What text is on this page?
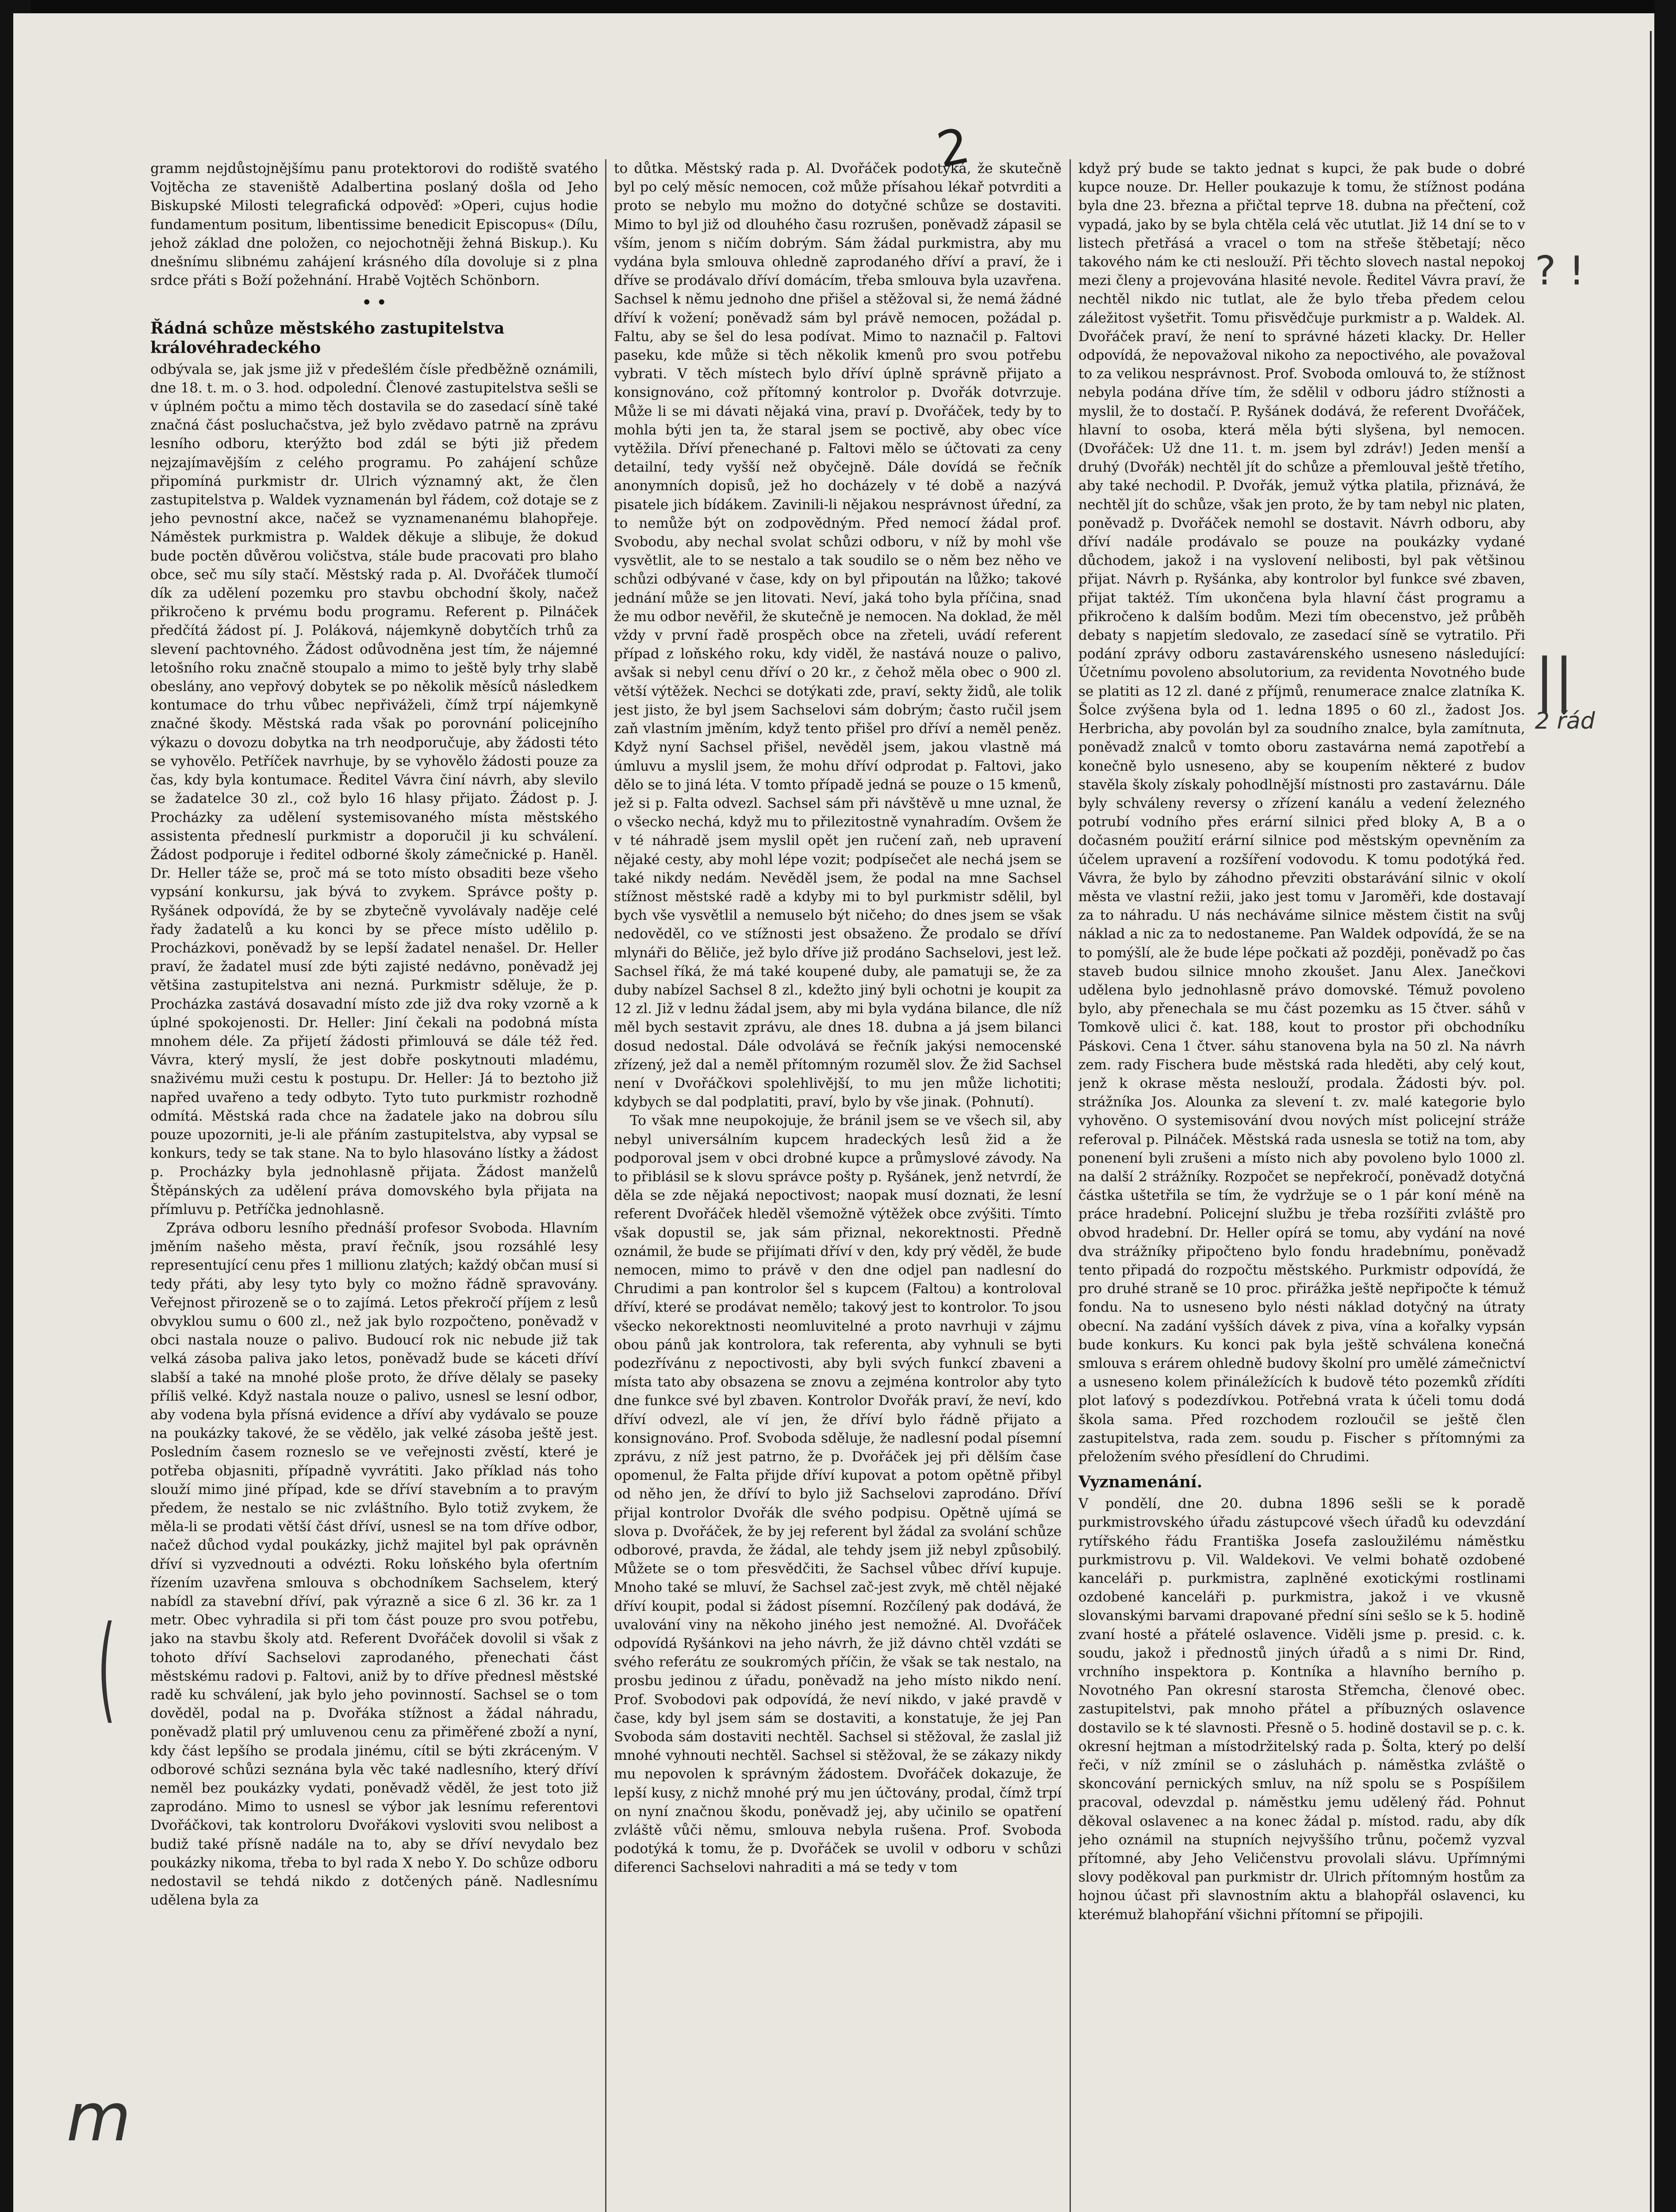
2

gramm nejdůstojnějšímu panu protektorovi do rodiště svatého Vojtěcha ze staveniště Adalbertina poslaný došla od Jeho Biskupské Milosti telegrafická odpověď: »Operi, cujus hodie fundamentum positum, libentissime benedicit Episcopus« (Dílu, jehož základ dne položen, co nejochotněji žehná Biskup.). Ku dnešnímu slibnému zahájení krásného díla dovoluje si z plna srdce přáti s Boží požehnání. Hrabě Vojtěch Schönborn.

• •
Řádná schůze městského zastupitelstva královéhradeckého

odbývala se, jak jsme již v předešlém čísle předběžně oznámili, dne 18. t. m. o 3. hod. odpolední. Členové zastupitelstva sešli se v úplném počtu a mimo těch dostavila se do zasedací síně také značná část posluchačstva, jež bylo zvědavo patrně na zprávu lesního odboru, kterýžto bod zdál se býti již předem nejzajímavějším z celého programu. Po zahájení schůze připomíná purkmistr dr. Ulrich významný akt, že člen zastupitelstva p. Waldek vyznamenán byl řádem, což dotaje se z jeho pevnostní akce, načež se vyznamenanému blahopřeje. Náměstek purkmistra p. Waldek děkuje a slibuje, že dokud bude poctěn důvěrou voličstva, stále bude pracovati pro blaho obce, seč mu síly stačí. Městský rada p. Al. Dvořáček tlumočí dík za udělení pozemku pro stavbu obchodní školy, načež přikročeno k prvému bodu programu. Referent p. Pilnáček předčítá žádost pí. J. Poláková, nájemkyně dobytčích trhů za slevení pachtovného. Žádost odůvodněna jest tím, že nájemné letošního roku značně stoupalo a mimo to ještě byly trhy slabě obeslány, ano vepřový dobytek se po několik měsíců následkem kontumace do trhu vůbec nepřiváželi, čímž trpí nájemkyně značné škody. Městská rada však po porovnání policejního výkazu o dovozu dobytka na trh neodporučuje, aby žádosti této se vyhovělo. Petříček navrhuje, by se vyhovělo žádosti pouze za čas, kdy byla kontumace. Ředitel Vávra činí návrh, aby slevilo se žadatelce 30 zl., což bylo 16 hlasy přijato. Žádost p. J. Procházky za udělení systemisovaného místa městského assistenta předneslí purkmistr a doporučil ji ku schválení. Žádost podporuje i ředitel odborné školy zámečnické p. Haněl. Dr. Heller táže se, proč má se toto místo obsaditi beze všeho vypsání konkursu, jak bývá to zvykem. Správce pošty p. Ryšánek odpovídá, že by se zbytečně vyvolávaly naděje celé řady žadatelů a ku konci by se přece místo udělilo p. Procházkovi, poněvadž by se lepší žadatel nenašel. Dr. Heller praví, že žadatel musí zde býti zajisté nedávno, poněvadž jej většina zastupitelstva ani nezná. Purkmistr sděluje, že p. Procházka zastává dosavadní místo zde již dva roky vzorně a k úplné spokojenosti. Dr. Heller: Jiní čekali na podobná místa mnohem déle. Za přijetí žádosti přimlouvá se dále též řed. Vávra, který myslí, že jest dobře poskytnouti mladému, snaživému muži cestu k postupu. Dr. Heller: Já to beztoho již napřed uvařeno a tedy odbyto. Tyto tuto purkmistr rozhodně odmítá. Městská rada chce na žadatele jako na dobrou sílu pouze upozorniti, je-li ale přáním zastupitelstva, aby vypsal se konkurs, tedy se tak stane. Na to bylo hlasováno lístky a žádost p. Procházky byla jednohlasně přijata. Žádost manželů Štěpánských za udělení práva domovského byla přijata na přímluvu p. Petříčka jednohlasně.

Zpráva odboru lesního přednáší profesor Svoboda. Hlavním jměním našeho města, praví řečník, jsou rozsáhlé lesy representující cenu přes 1 millionu zlatých; každý občan musí si tedy přáti, aby lesy tyto byly co možno řádně spravovány. Veřejnost přirozeně se o to zajímá. Letos překročí příjem z lesů obvyklou sumu o 600 zl., než jak bylo rozpočteno, poněvadž v obci nastala nouze o palivo. Budoucí rok nic nebude již tak velká zásoba paliva jako letos, poněvadž bude se káceti dříví slabší a také na mnohé ploše proto, že dříve dělaly se paseky příliš velké. Když nastala nouze o palivo, usnesl se lesní odbor, aby vodena byla přísná evidence a dříví aby vydávalo se pouze na poukázky takové, že se vědělo, jak velké zásoba ještě jest. Posledním časem rozneslo se ve veřejnosti zvěstí, které je potřeba objasniti, případně vyvrátiti. Jako příklad nás toho slouží mimo jiné případ, kde se dříví stavebním a to pravým předem, že nestalo se nic zvláštního. Bylo totiž zvykem, že měla-li se prodati větší část dříví, usnesl se na tom dříve odbor, načež důchod vydal poukázky, jichž majitel byl pak oprávněn dříví si vyzvednouti a odvézti. Roku loňského byla ofertním řízením uzavřena smlouva s obchodníkem Sachselem, který nabídl za stavební dříví, pak výrazně a sice 6 zl. 36 kr. za 1 metr. Obec vyhradila si při tom část pouze pro svou potřebu, jako na stavbu školy atd. Referent Dvořáček dovolil si však z tohoto dříví Sachselovi zaprodaného, přenechati část městskému radovi p. Faltovi, aniž by to dříve přednesl městské radě ku schválení, jak bylo jeho povinností. Sachsel se o tom dověděl, podal na p. Dvořáka stížnost a žádal náhradu, poněvadž platil prý umluvenou cenu za přiměřené zboží a nyní, kdy část lepšího se prodala jinému, cítil se býti zkráceným. V odborové schůzi seznána byla věc také nadlesního, který dříví neměl bez poukázky vydati, poněvadž věděl, že jest toto již zaprodáno. Mimo to usnesl se výbor jak lesnímu referentovi Dvořáčkovi, tak kontroloru Dvořákovi vysloviti svou nelibost a budiž také přísně nadále na to, aby se dříví nevydalo bez poukázky nikoma, třeba to byl rada X nebo Y. Do schůze odboru nedostavil se tehdá nikdo z dotčených páně. Nadlesnímu udělena byla za

to důtka. Městský rada p. Al. Dvořáček podotýká, že skutečně byl po celý měsíc nemocen, což může přísahou lékař potvrditi a proto se nebylo mu možno do dotyčné schůze se dostaviti. Mimo to byl již od dlouhého času rozrušen, poněvadž zápasil se vším, jenom s ničím dobrým. Sám žádal purkmistra, aby mu vydána byla smlouva ohledně zaprodaného dříví a praví, že i dříve se prodávalo dříví domácím, třeba smlouva byla uzavřena. Sachsel k němu jednoho dne přišel a stěžoval si, že nemá žádné dříví k vožení; poněvadž sám byl právě nemocen, požádal p. Faltu, aby se šel do lesa podívat. Mimo to naznačil p. Faltovi paseku, kde může si těch několik kmenů pro svou potřebu vybrati. V těch místech bylo dříví úplně správně přijato a konsignováno, což přítomný kontrolor p. Dvořák dotvrzuje. Může li se mi dávati nějaká vina, praví p. Dvořáček, tedy by to mohla býti jen ta, že staral jsem se poctivě, aby obec více vytěžila. Dříví přenechané p. Faltovi mělo se účtovati za ceny detailní, tedy vyšší než obyčejně. Dále dovídá se řečník anonymních dopisů, jež ho docházely v té době a nazývá pisatele jich bídákem. Zavinili-li nějakou nesprávnost úřední, za to nemůže být on zodpovědným. Před nemocí žádal prof. Svobodu, aby nechal svolat schůzi odboru, v níž by mohl vše vysvětlit, ale to se nestalo a tak soudilo se o něm bez něho ve schůzi odbývané v čase, kdy on byl připoután na lůžko; takové jednání může se jen litovati. Neví, jaká toho byla příčina, snad že mu odbor nevěřil, že skutečně je nemocen. Na doklad, že měl vždy v první řadě prospěch obce na zřeteli, uvádí referent případ z loňského roku, kdy viděl, že nastává nouze o palivo, avšak si nebyl cenu dříví o 20 kr., z čehož měla obec o 900 zl. větší výtěžek. Nechci se dotýkati zde, praví, sekty židů, ale tolik jest jisto, že byl jsem Sachselovi sám dobrým; často ručil jsem zaň vlastním jměním, když tento přišel pro dříví a neměl peněz. Když nyní Sachsel přišel, nevěděl jsem, jakou vlastně má úmluvu a myslil jsem, že mohu dříví odprodat p. Faltovi, jako dělo se to jiná léta. V tomto případě jedná se pouze o 15 kmenů, jež si p. Falta odvezl. Sachsel sám při návštěvě u mne uznal, že o všecko nechá, když mu to přilezitostně vynahradím. Ovšem že v té náhradě jsem myslil opět jen ručení zaň, neb upravení nějaké cesty, aby mohl lépe vozit; podpísečet ale nechá jsem se také nikdy nedám. Nevěděl jsem, že podal na mne Sachsel stížnost městské radě a kdyby mi to byl purkmistr sdělil, byl bych vše vysvětlil a nemuselo být ničeho; do dnes jsem se však nedověděl, co ve stížnosti jest obsaženo. Že prodalo se dříví mlynáři do Běliče, jež bylo dříve již prodáno Sachselovi, jest lež. Sachsel říká, že má také koupené duby, ale pamatuji se, že za duby nabízel Sachsel 8 zl., kdežto jiný byli ochotni je koupit za 12 zl. Již v lednu žádal jsem, aby mi byla vydána bilance, dle níž měl bych sestavit zprávu, ale dnes 18. dubna a já jsem bilanci dosud nedostal. Dále odvolává se řečník jakýsi nemocenské zřízený, jež dal a neměl přítomným rozuměl slov. Že žid Sachsel není v Dvořáčkovi spolehlivější, to mu jen může lichotiti; kdybych se dal podplatiti, praví, bylo by vše jinak. (Pohnutí).

To však mne neupokojuje, že bránil jsem se ve všech sil, aby nebyl universálním kupcem hradeckých lesů žid a že podporoval jsem v obci drobné kupce a průmyslové závody. Na to přiblásil se k slovu správce pošty p. Ryšánek, jenž netvrdí, že děla se zde nějaká nepoctivost; naopak musí doznati, že lesní referent Dvořáček hleděl všemožně výtěžek obce zvýšiti. Tímto však dopustil se, jak sám přiznal, nekorektnosti. Předně oznámil, že bude se přijímati dříví v den, kdy prý věděl, že bude nemocen, mimo to právě v den dne odjel pan nadlesní do Chrudimi a pan kontrolor šel s kupcem (Faltou) a kontroloval dříví, které se prodávat nemělo; takový jest to kontrolor. To jsou všecko nekorektnosti neomluvitelné a proto navrhuji v zájmu obou pánů jak kontrolora, tak referenta, aby vyhnuli se byti podezřívánu z nepoctivosti, aby byli svých funkcí zbaveni a místa tato aby obsazena se znovu a zejména kontrolor aby tyto dne funkce své byl zbaven. Kontrolor Dvořák praví, že neví, kdo dříví odvezl, ale ví jen, že dříví bylo řádně přijato a konsignováno. Prof. Svoboda sděluje, že nadlesní podal písemní zprávu, z níž jest patrno, že p. Dvořáček jej při dělším čase opomenul, že Falta přijde dříví kupovat a potom opětně přibyl od něho jen, že dříví to bylo již Sachselovi zaprodáno. Dříví přijal kontrolor Dvořák dle svého podpisu. Opětně ujímá se slova p. Dvořáček, že by jej referent byl žádal za svolání schůze odborové, pravda, že žádal, ale tehdy jsem již nebyl způsobilý. Můžete se o tom přesvědčiti, že Sachsel vůbec dříví kupuje. Mnoho také se mluví, že Sachsel zač-jest zvyk, mě chtěl nějaké dříví koupit, podal si žádost písemní. Rozčílený pak dodává, že uvalování viny na někoho jiného jest nemožné. Al. Dvořáček odpovídá Ryšánkovi na jeho návrh, že již dávno chtěl vzdáti se svého referátu ze soukromých příčin, že však se tak nestalo, na prosbu jedinou z úřadu, poněvadž na jeho místo nikdo není. Prof. Svobodovi pak odpovídá, že neví nikdo, v jaké pravdě v čase, kdy byl jsem sám se dostaviti, a konstatuje, že jej Pan Svoboda sám dostaviti nechtěl. Sachsel si stěžoval, že zaslal již mnohé vyhnouti nechtěl. Sachsel si stěžoval, že se zákazy nikdy mu nepovolen k správným žádostem. Dvořáček dokazuje, že lepší kusy, z nichž mnohé prý mu jen účtovány, prodal, čímž trpí on nyní značnou škodu, poněvadž jej, aby učinilo se opatření zvláště vůči němu, smlouva nebyla rušena. Prof. Svoboda podotýká k tomu, že p. Dvořáček se uvolil v odboru v schůzi diferenci Sachselovi nahraditi a má se tedy v tom

když prý bude se takto jednat s kupci, že pak bude o dobré kupce nouze. Dr. Heller poukazuje k tomu, že stížnost podána byla dne 23. března a přičtal teprve 18. dubna na přečtení, což vypadá, jako by se byla chtěla celá věc ututlat. Již 14 dní se to v listech přetřásá a vracel o tom na střeše štěbetají; něco takového nám ke cti neslouží. Při těchto slovech nastal nepokoj mezi členy a projevována hlasité nevole. Ředitel Vávra praví, že nechtěl nikdo nic tutlat, ale že bylo třeba předem celou záležitost vyšetřit. Tomu přisvědčuje purkmistr a p. Waldek. Al. Dvořáček praví, že není to správné házeti klacky. Dr. Heller odpovídá, že nepovažoval nikoho za nepoctivého, ale považoval to za velikou nesprávnost. Prof. Svoboda omlouvá to, že stížnost nebyla podána dříve tím, že sdělil v odboru jádro stížnosti a myslil, že to dostačí. P. Ryšánek dodává, že referent Dvořáček, hlavní to osoba, která měla býti slyšena, byl nemocen. (Dvořáček: Už dne 11. t. m. jsem byl zdráv!) Jeden menší a druhý (Dvořák) nechtěl jít do schůze a přemlouval ještě třetího, aby také nechodil. P. Dvořák, jemuž výtka platila, přiznává, že nechtěl jít do schůze, však jen proto, že by tam nebyl nic platen, poněvadž p. Dvořáček nemohl se dostavit. Návrh odboru, aby dříví nadále prodávalo se pouze na poukázky vydané důchodem, jakož i na vyslovení nelibosti, byl pak většinou přijat. Návrh p. Ryšánka, aby kontrolor byl funkce své zbaven, přijat taktéž. Tím ukončena byla hlavní část programu a přikročeno k dalším bodům. Mezi tím obecenstvo, jež průběh debaty s napjetím sledovalo, ze zasedací síně se vytratilo. Při podání zprávy odboru zastavárenského usneseno následující: Účetnímu povoleno absolutorium, za revidenta Novotného bude se platiti as 12 zl. dané z příjmů, renumerace znalce zlatníka K. Šolce zvýšena byla od 1. ledna 1895 o 60 zl., žadost Jos. Herbricha, aby povolán byl za soudního znalce, byla zamítnuta, poněvadž znalců v tomto oboru zastavárna nemá zapotřebí a konečně bylo usneseno, aby se koupením některé z budov stavěla školy získaly pohodlnější místnosti pro zastavárnu. Dále byly schváleny reversy o zřízení kanálu a vedení železného potrubí vodního přes erární silnici před bloky A, B a o dočasném použití erární silnice pod městským opevněním za účelem upravení a rozšíření vodovodu. K tomu podotýká řed. Vávra, že bylo by záhodno převziti obstarávání silnic v okolí města ve vlastní režii, jako jest tomu v Jaroměři, kde dostavají za to náhradu. U nás necháváme silnice městem čistit na svůj náklad a nic za to nedostaneme. Pan Waldek odpovídá, že se na to pomýšlí, ale že bude lépe počkati až později, poněvadž po čas staveb budou silnice mnoho zkoušet. Janu Alex. Janečkovi udělena bylo jednohlasně právo domovské. Témuž povoleno bylo, aby přenechala se mu část pozemku as 15 čtver. sáhů v Tomkově ulici č. kat. 188, kout to prostor při obchodníku Páskovi. Cena 1 čtver. sáhu stanovena byla na 50 zl. Na návrh zem. rady Fischera bude městská rada hleděti, aby celý kout, jenž k okrase města neslouží, prodala. Žádosti býv. pol. strážníka Jos. Alounka za slevení t. zv. malé kategorie bylo vyhověno. O systemisování dvou nových míst policejní stráže referoval p. Pilnáček. Městská rada usnesla se totiž na tom, aby ponenení byli zrušeni a místo nich aby povoleno bylo 1000 zl. na další 2 strážníky. Rozpočet se nepřekročí, poněvadž dotyčná částka uštetřila se tím, že vydržuje se o 1 pár koní méně na práce hradební. Policejní službu je třeba rozšířiti zvláště pro obvod hradební. Dr. Heller opírá se tomu, aby vydání na nové dva strážníky připočteno bylo fondu hradebnímu, poněvadž tento připadá do rozpočtu městského. Purkmistr odpovídá, že pro druhé straně se 10 proc. přirážka ještě nepřipočte k témuž fondu. Na to usneseno bylo nésti náklad dotyčný na útraty obecní. Na zadání vyšších dávek z piva, vína a kořalky vypsán bude konkurs. Ku konci pak byla ještě schválena konečná smlouva s erárem ohledně budovy školní pro umělé zámečnictví a usneseno kolem přináležících k budově této pozemků zřídíti plot laťový s podezdívkou. Potřebná vrata k účeli tomu dodá škola sama. Před rozchodem rozloučil se ještě člen zastupitelstva, rada zem. soudu p. Fischer s přítomnými za přeložením svého přesídlení do Chrudimi.

Vyznamenání.

V pondělí, dne 20. dubna 1896 sešli se k poradě purkmistrovského úřadu zástupcové všech úřadů ku odevzdání rytířského řádu Františka Josefa zasloužilému náměstku purkmistrovu p. Vil. Waldekovi. Ve velmi bohatě ozdobené kanceláři p. purkmistra, zaplněné exotickými rostlinami ozdobené kanceláři p. purkmistra, jakož i ve vkusně slovanskými barvami drapované přední síni sešlo se k 5. hodině zvaní hosté a přátelé oslavence. Viděli jsme p. presid. c. k. soudu, jakož i přednostů jiných úřadů a s nimi Dr. Rind, vrchního inspektora p. Kontníka a hlavního berního p. Novotného Pan okresní starosta Střemcha, členové obec. zastupitelstvi, pak mnoho přátel a příbuzných oslavence dostavilo se k té slavnosti. Přesně o 5. hodině dostavil se p. c. k. okresní hejtman a místodržitelský rada p. Šolta, který po delší řeči, v níž zmínil se o zásluhách p. náměstka zvláště o skoncování pernických smluv, na níž spolu se s Pospíšilem pracoval, odevzdal p. náměstku jemu udělený řád. Pohnut děkoval oslavenec a na konec žádal p. místod. radu, aby dík jeho oznámil na stupních nejvyššího trůnu, počemž vyzval přítomné, aby Jeho Veličenstvu provolali slávu. Upřímnými slovy poděkoval pan purkmistr dr. Ulrich přítomným hostům za hojnou účast při slavnostním aktu a blahopřál oslavenci, ku kterémuž blahopřání všichni přítomní se připojili.

(
m
? !
||
2 řád
